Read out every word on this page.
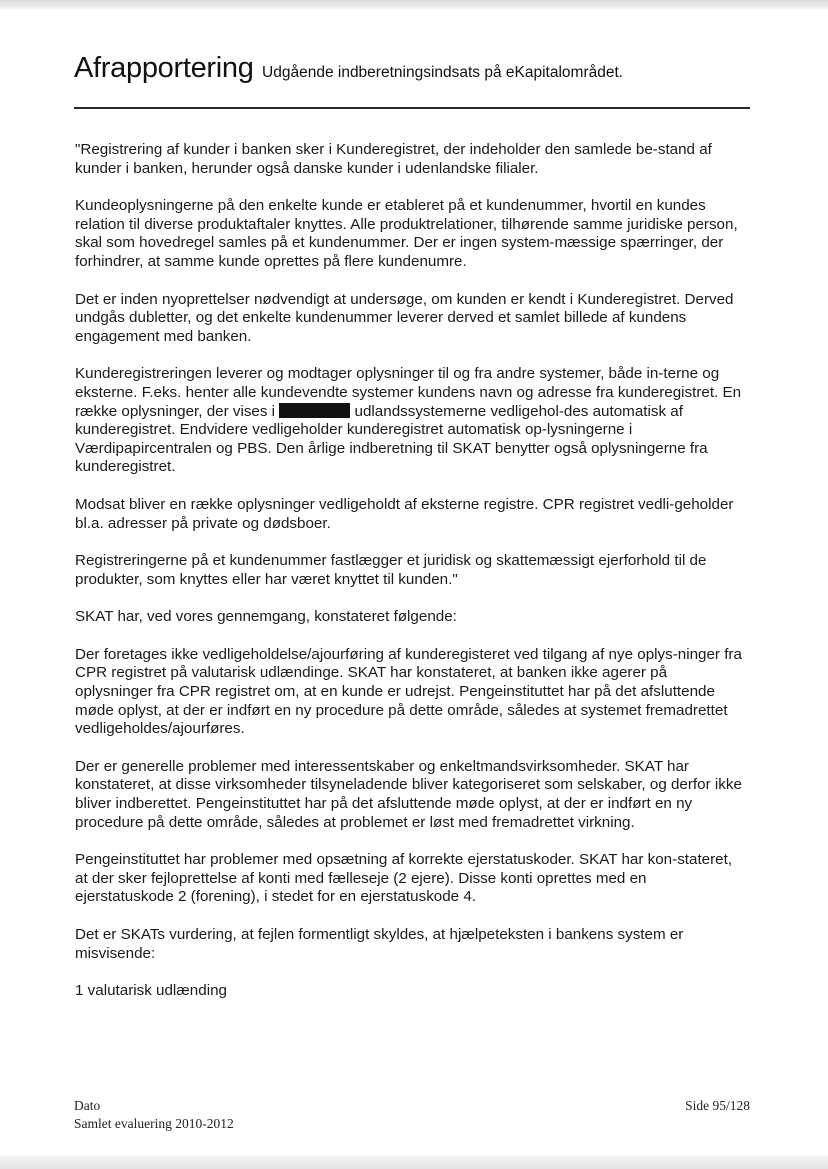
Afrapportering Udgående indberetningsindsats på eKapitalområdet.

"Registrering af kunder i banken sker i Kunderegistret, der indeholder den samlede be-stand af kunder i banken, herunder også danske kunder i udenlandske filialer.

Kundeoplysningerne på den enkelte kunde er etableret på et kundenummer, hvortil en kundes relation til diverse produktaftaler knyttes. Alle produktrelationer, tilhørende samme juridiske person, skal som hovedregel samles på et kundenummer. Der er ingen system-mæssige spærringer, der forhindrer, at samme kunde oprettes på flere kundenumre.

Det er inden nyoprettelser nødvendigt at undersøge, om kunden er kendt i Kunderegistret. Derved undgås dubletter, og det enkelte kundenummer leverer derved et samlet billede af kundens engagement med banken.

Kunderegistreringen leverer og modtager oplysninger til og fra andre systemer, både in-terne og eksterne. F.eks. henter alle kundevendte systemer kundens navn og adresse fra kunderegistret. En række oplysninger, der vises i	udlandssystemerne vedligehol-des automatisk af kunderegistret. Endvidere vedligeholder kunderegistret automatisk op-lysningerne i Værdipapircentralen og PBS. Den årlige indberetning til SKAT benytter også oplysningerne fra kunderegistret.

Modsat bliver en række oplysninger vedligeholdt af eksterne registre. CPR registret vedli-geholder bl.a. adresser på private og dødsboer.

Registreringerne på et kundenummer fastlægger et juridisk og skattemæssigt ejerforhold til de produkter, som knyttes eller har været knyttet til kunden."

SKAT har, ved vores gennemgang, konstateret følgende:

Der foretages ikke vedligeholdelse/ajourføring af kunderegisteret ved tilgang af nye oplys-ninger fra CPR registret på valutarisk udlændinge. SKAT har konstateret, at banken ikke agerer på oplysninger fra CPR registret om, at en kunde er udrejst. Pengeinstituttet har på det afsluttende møde oplyst, at der er indført en ny procedure på dette område, således at systemet fremadrettet vedligeholdes/ajourføres.

Der er generelle problemer med interessentskaber og enkeltmandsvirksomheder. SKAT har konstateret, at disse virksomheder tilsyneladende bliver kategoriseret som selskaber, og derfor ikke bliver indberettet. Pengeinstituttet har på det afsluttende møde oplyst, at der er indført en ny procedure på dette område, således at problemet er løst med fremadrettet virkning.

Pengeinstituttet har problemer med opsætning af korrekte ejerstatuskoder. SKAT har kon-stateret, at der sker fejloprettelse af konti med fælleseje (2 ejere). Disse konti oprettes med en ejerstatuskode 2 (forening), i stedet for en ejerstatuskode 4.

Det er SKATs vurdering, at fejlen formentligt skyldes, at hjælpeteksten i bankens system er misvisende:

1 valutarisk udlænding

Dato
Samlet evaluering 2010-2012
Side 95/128
